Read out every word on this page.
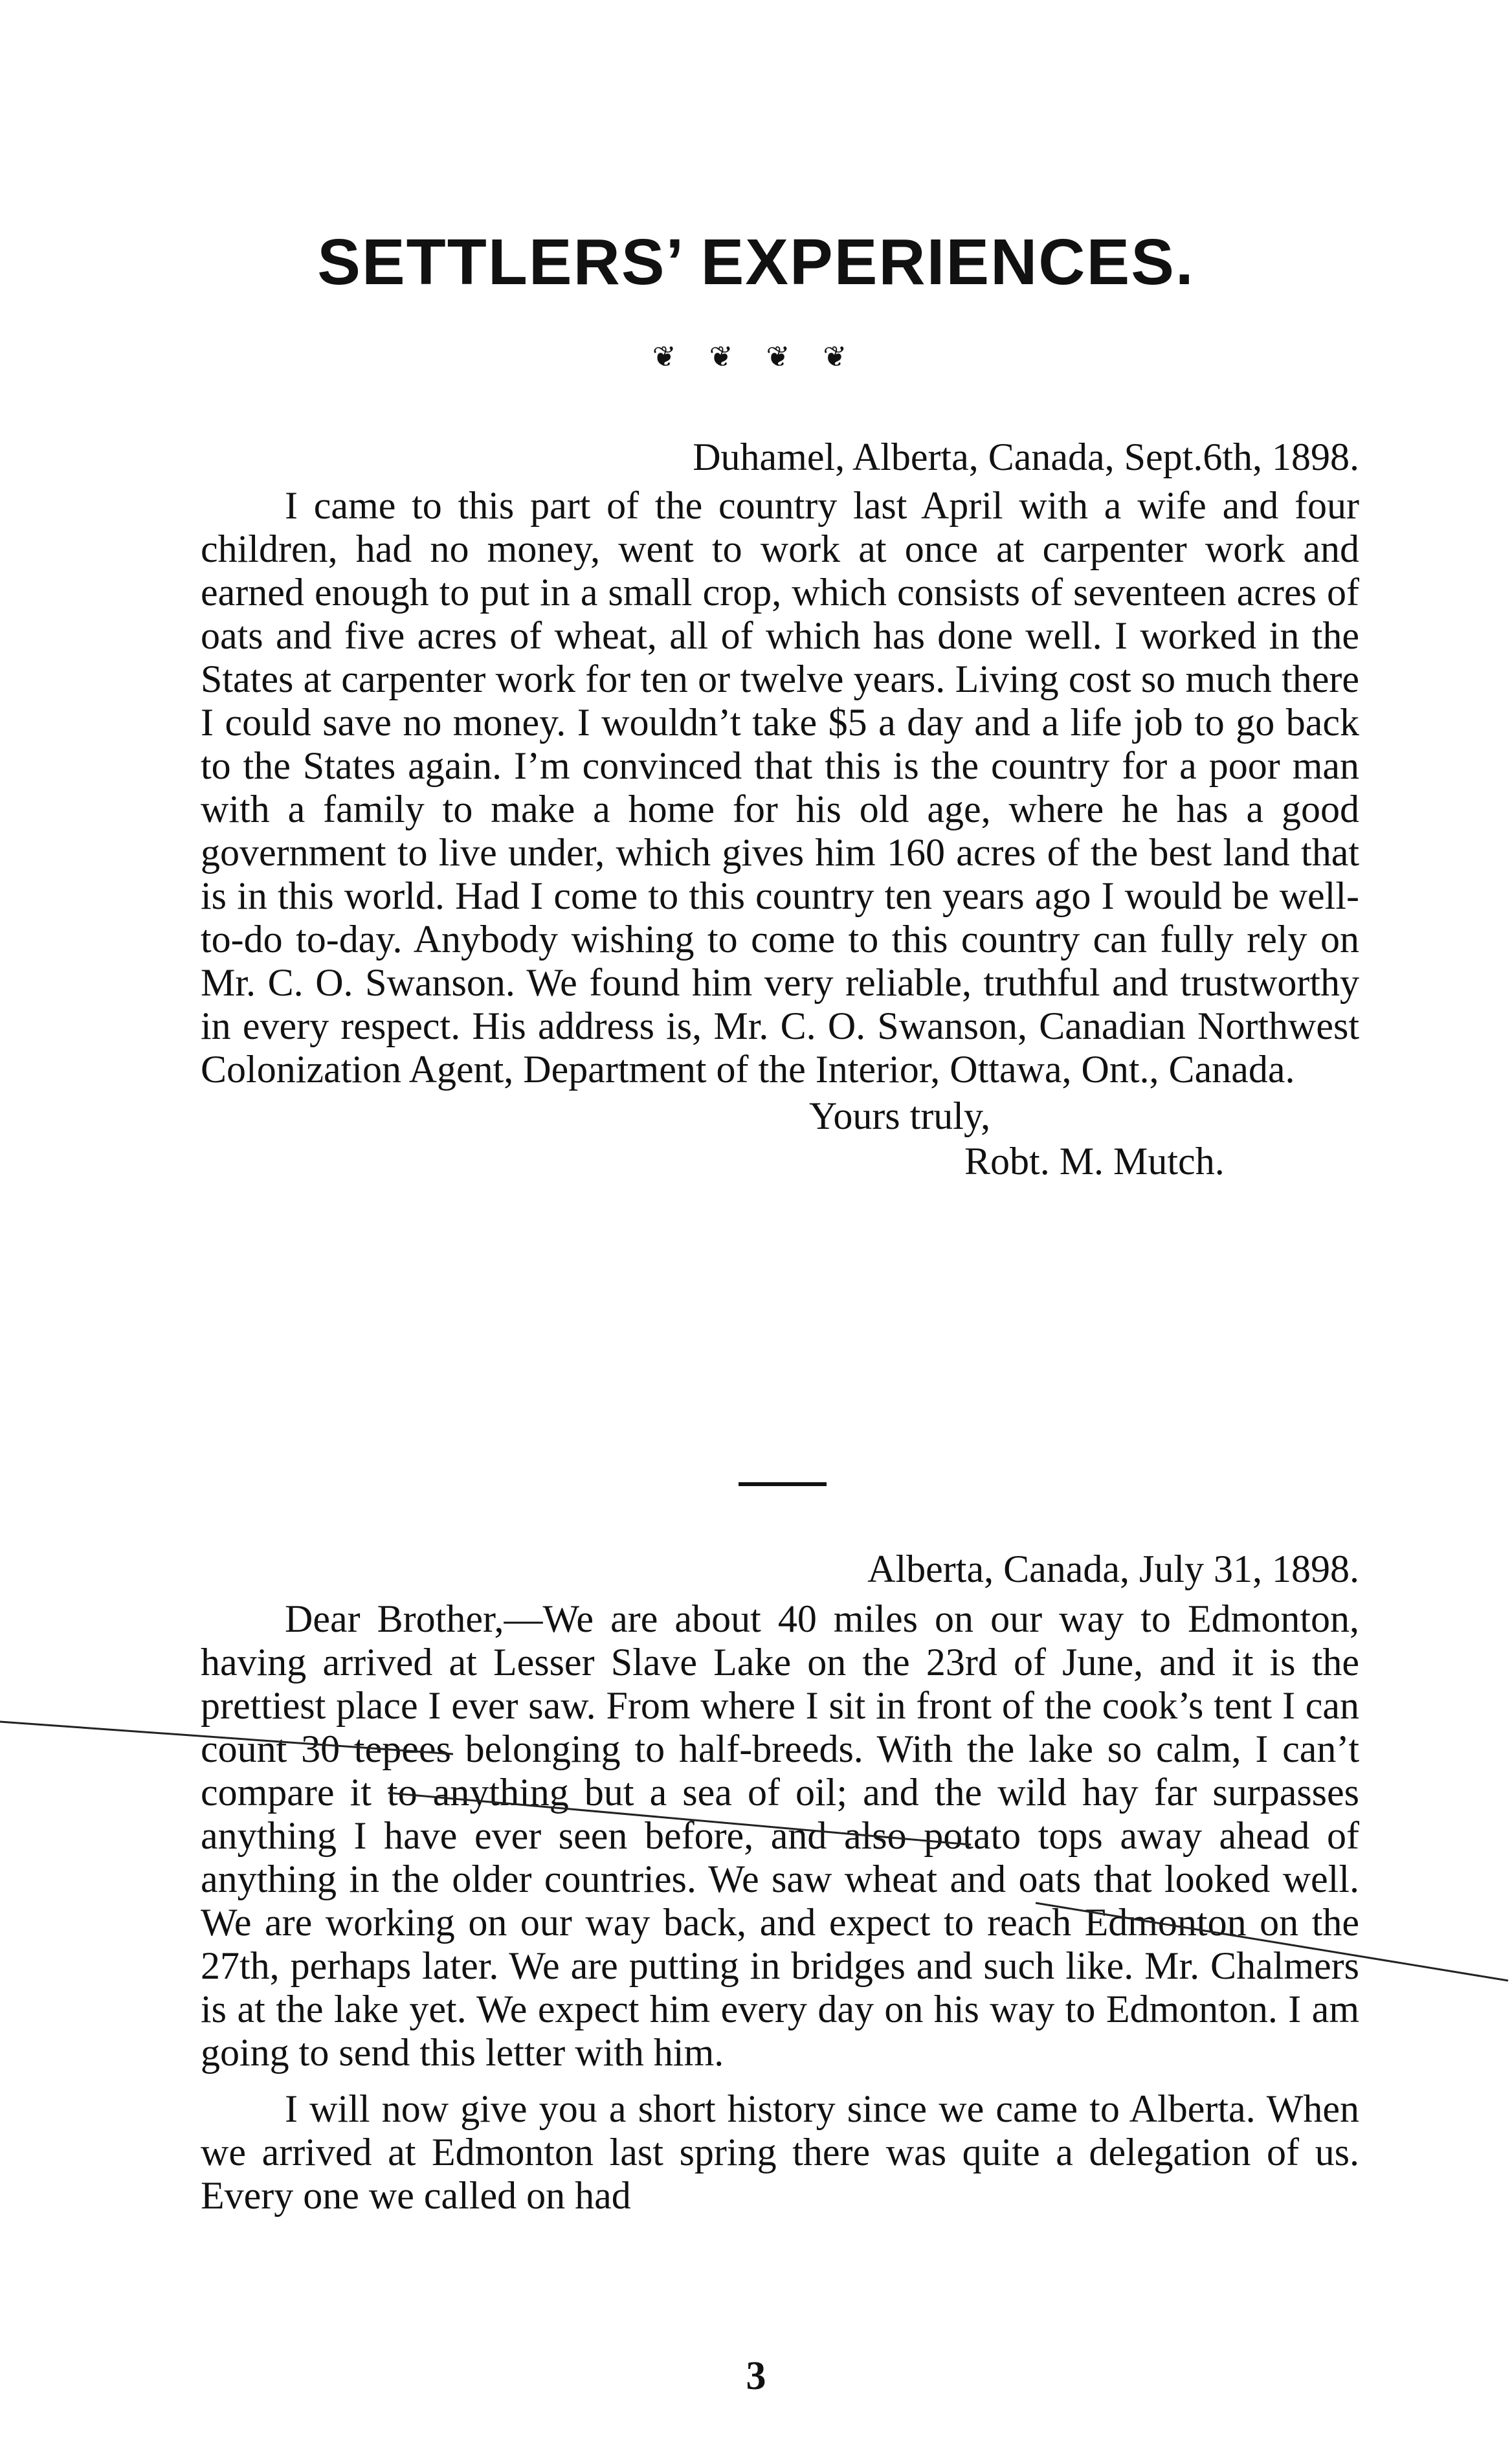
SETTLERS’ EXPERIENCES.
❦ ❦ ❦ ❦

Duhamel, Alberta, Canada, Sept.6th, 1898.

I came to this part of the country last April with a wife and four children, had no money, went to work at once at carpenter work and earned enough to put in a small crop, which consists of seventeen acres of oats and five acres of wheat, all of which has done well. I worked in the States at carpenter work for ten or twelve years. Living cost so much there I could save no money. I wouldn’t take $5 a day and a life job to go back to the States again. I’m convinced that this is the country for a poor man with a family to make a home for his old age, where he has a good government to live under, which gives him 160 acres of the best land that is in this world. Had I come to this country ten years ago I would be well-to-do to-day. Anybody wishing to come to this country can fully rely on Mr. C. O. Swanson. We found him very reliable, truthful and trustworthy in every respect. His address is, Mr. C. O. Swanson, Canadian Northwest Colonization Agent, Department of the Interior, Ottawa, Ont., Canada.

Yours truly,

Robt. M. Mutch.

Alberta, Canada, July 31, 1898.

Dear Brother,—We are about 40 miles on our way to Edmonton, having arrived at Lesser Slave Lake on the 23rd of June, and it is the prettiest place I ever saw. From where I sit in front of the cook’s tent I can count 30 tepees belonging to half-breeds. With the lake so calm, I can’t compare it to anything but a sea of oil; and the wild hay far surpasses anything I have ever seen before, and also potato tops away ahead of anything in the older countries. We saw wheat and oats that looked well. We are working on our way back, and expect to reach Edmonton on the 27th, perhaps later. We are putting in bridges and such like. Mr. Chalmers is at the lake yet. We expect him every day on his way to Edmonton. I am going to send this letter with him.

I will now give you a short history since we came to Alberta. When we arrived at Edmonton last spring there was quite a delegation of us. Every one we called on had

3
